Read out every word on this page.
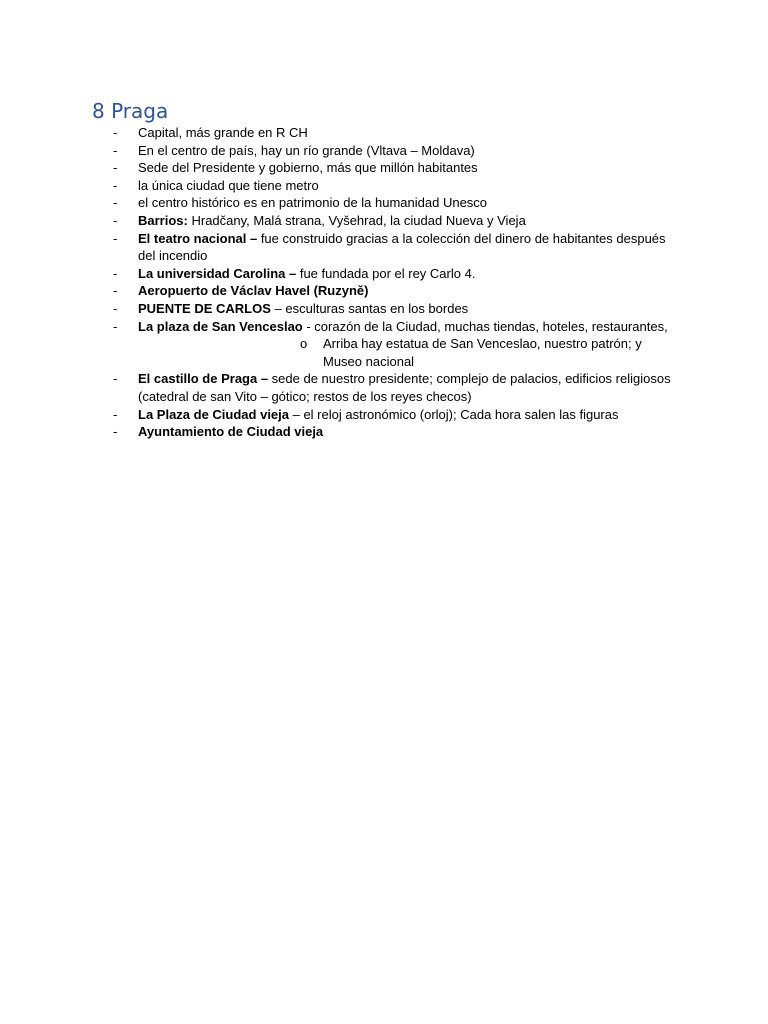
8 Praga
- Capital, más grande en R CH
- En el centro de país, hay un río grande (Vltava – Moldava)
- Sede del Presidente y gobierno, más que millón habitantes
- la única ciudad que tiene metro
- el centro histórico es en patrimonio de la humanidad Unesco
- Barrios: Hradčany, Malá strana, Vyšehrad, la ciudad Nueva y Vieja
- El teatro nacional – fue construido gracias a la colección del dinero de habitantes después del incendio
- La universidad Carolina – fue fundada por el rey Carlo 4.
- Aeropuerto de Václav Havel (Ruzyně)
- PUENTE DE CARLOS – esculturas santas en los bordes
- La plaza de San Venceslao - corazón de la Ciudad, muchas tiendas, hoteles, restaurantes,
o Arriba hay estatua de San Venceslao, nuestro patrón; y Museo nacional
- El castillo de Praga – sede de nuestro presidente; complejo de palacios, edificios religiosos (catedral de san Vito – gótico; restos de los reyes checos)
- La Plaza de Ciudad vieja – el reloj astronómico (orloj); Cada hora salen las figuras
- Ayuntamiento de Ciudad vieja
